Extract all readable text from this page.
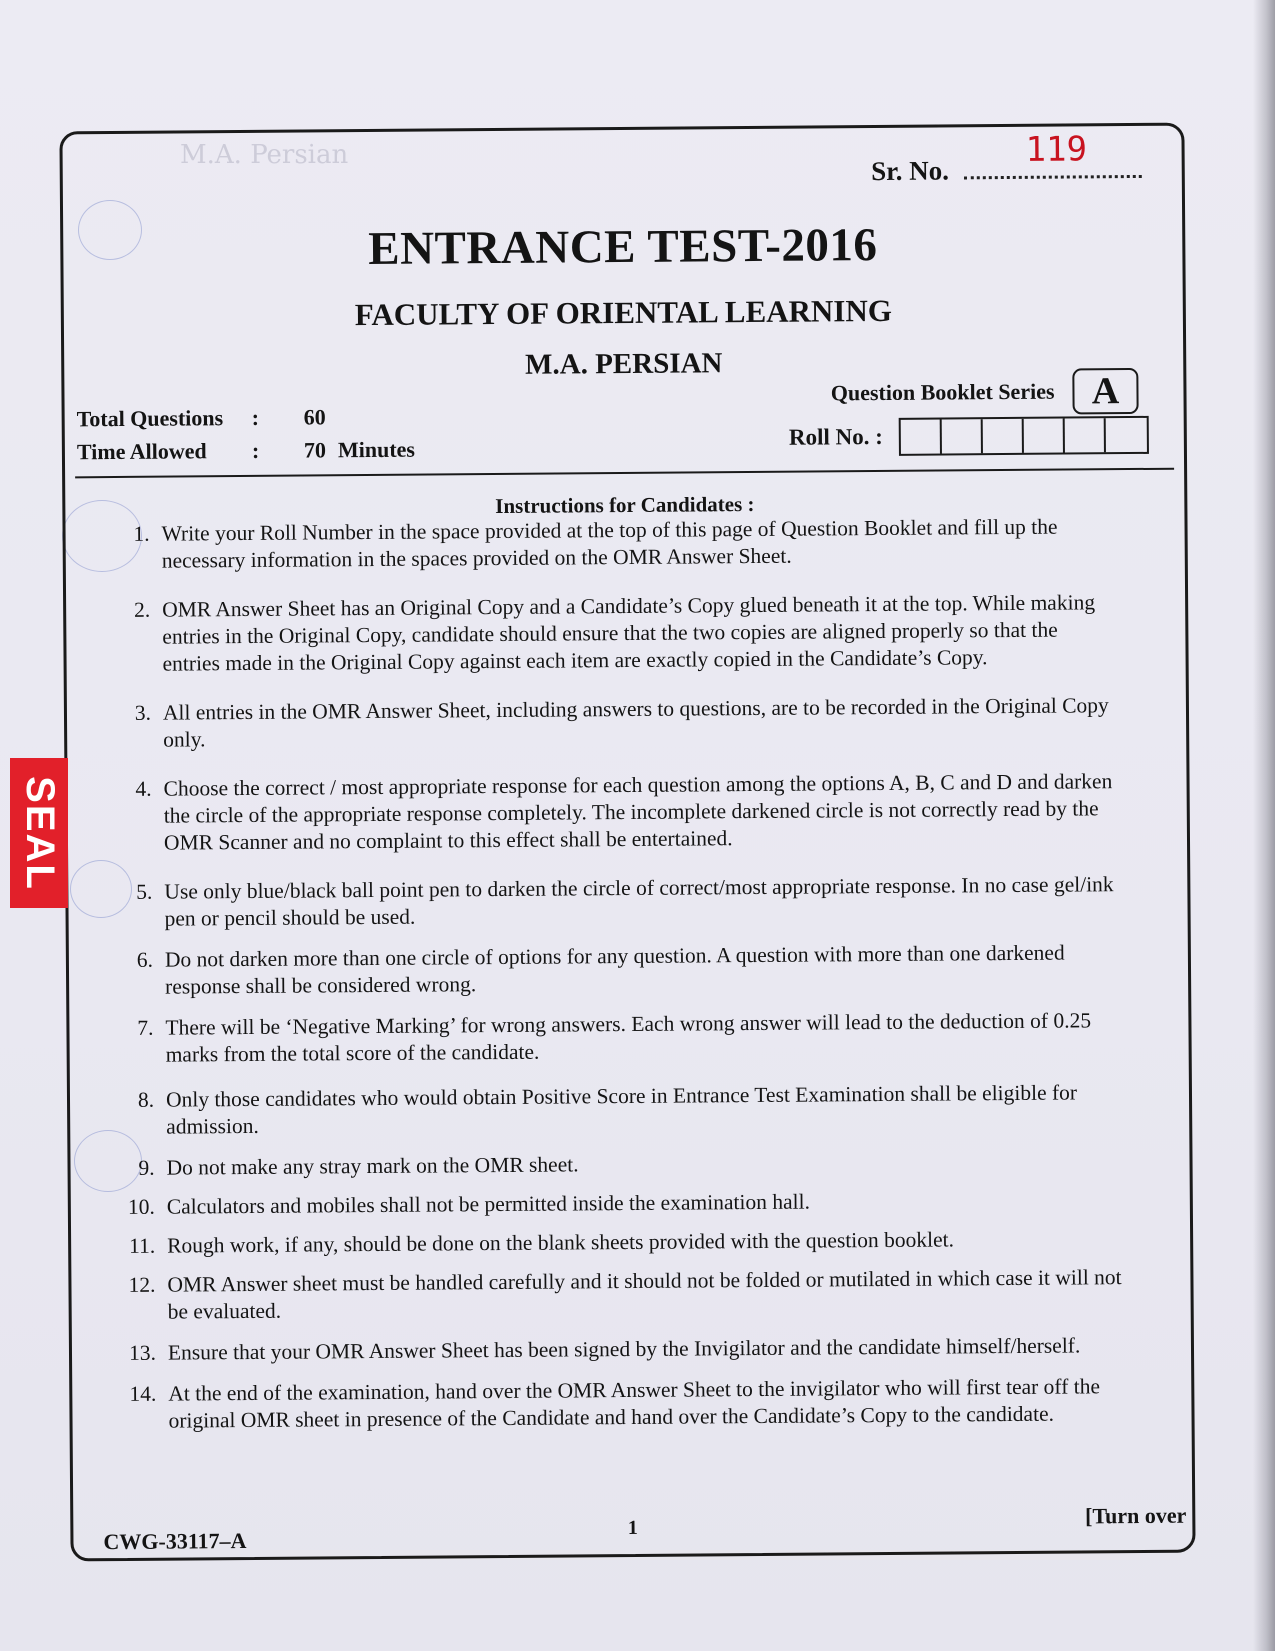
M.A. Persian
Sr. No.
119
ENTRANCE TEST-2016
FACULTY OF ORIENTAL LEARNING
M.A. PERSIAN
Question Booklet Series A
Total Questions	:	60
Time Allowed	:	70 Minutes	Roll No. :
Instructions for Candidates :
1. Write your Roll Number in the space provided at the top of this page of Question Booklet and fill up the necessary information in the spaces provided on the OMR Answer Sheet.
2. OMR Answer Sheet has an Original Copy and a Candidate’s Copy glued beneath it at the top. While making entries in the Original Copy, candidate should ensure that the two copies are aligned properly so that the entries made in the Original Copy against each item are exactly copied in the Candidate’s Copy.
3. All entries in the OMR Answer Sheet, including answers to questions, are to be recorded in the Original Copy only.
4. Choose the correct / most appropriate response for each question among the options A, B, C and D and darken the circle of the appropriate response completely. The incomplete darkened circle is not correctly read by the OMR Scanner and no complaint to this effect shall be entertained.
5. Use only blue/black ball point pen to darken the circle of correct/most appropriate response. In no case gel/ink pen or pencil should be used.
6. Do not darken more than one circle of options for any question. A question with more than one darkened response shall be considered wrong.
7. There will be ‘Negative Marking’ for wrong answers. Each wrong answer will lead to the deduction of 0.25 marks from the total score of the candidate.
8. Only those candidates who would obtain Positive Score in Entrance Test Examination shall be eligible for admission.
9. Do not make any stray mark on the OMR sheet.
10. Calculators and mobiles shall not be permitted inside the examination hall.
11. Rough work, if any, should be done on the blank sheets provided with the question booklet.
12. OMR Answer sheet must be handled carefully and it should not be folded or mutilated in which case it will not be evaluated.
13. Ensure that your OMR Answer Sheet has been signed by the Invigilator and the candidate himself/herself.
14. At the end of the examination, hand over the OMR Answer Sheet to the invigilator who will first tear off the original OMR sheet in presence of the Candidate and hand over the Candidate’s Copy to the candidate.
CWG-33117–A
1	[Turn over
SEAL
